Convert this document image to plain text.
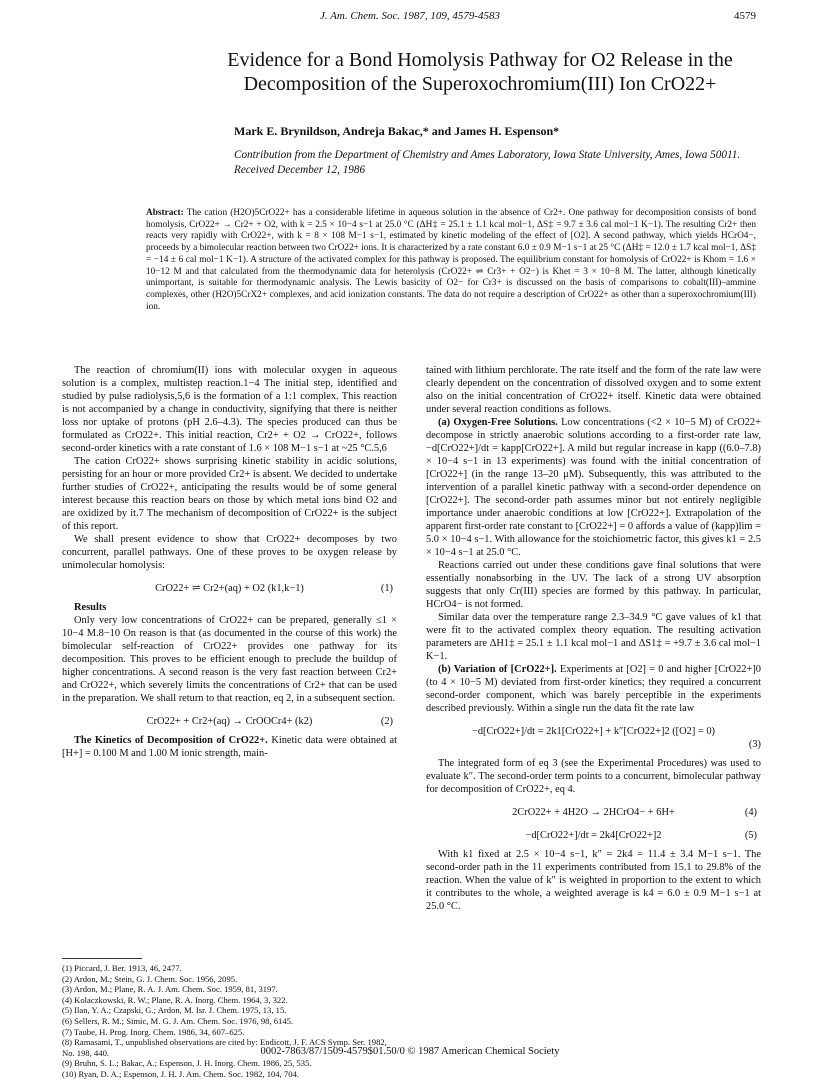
J. Am. Chem. Soc. 1987, 109, 4579-4583	4579
Evidence for a Bond Homolysis Pathway for O2 Release in the Decomposition of the Superoxochromium(III) Ion CrO22+
Mark E. Brynildson, Andreja Bakac,* and James H. Espenson*
Contribution from the Department of Chemistry and Ames Laboratory, Iowa State University, Ames, Iowa 50011. Received December 12, 1986
Abstract: The cation (H2O)5CrO22+ has a considerable lifetime in aqueous solution in the absence of Cr2+. One pathway for decomposition consists of bond homolysis, CrO22+ → Cr2+ + O2, with k = 2.5 × 10−4 s−1 at 25.0 °C (ΔH‡ = 25.1 ± 1.1 kcal mol−1, ΔS‡ = 9.7 ± 3.6 cal mol−1 K−1). The resulting Cr2+ then reacts very rapidly with CrO22+, with k = 8 × 108 M−1 s−1, estimated by kinetic modeling of the effect of [O2]. A second pathway, which yields HCrO4−, proceeds by a bimolecular reaction between two CrO22+ ions. It is characterized by a rate constant 6.0 ± 0.9 M−1 s−1 at 25 °C (ΔH‡ = 12.0 ± 1.7 kcal mol−1, ΔS‡ = −14 ± 6 cal mol−1 K−1). A structure of the activated complex for this pathway is proposed. The equilibrium constant for homolysis of CrO22+ is Khom = 1.6 × 10−12 M and that calculated from the thermodynamic data for heterolysis (CrO22+ ⇌ Cr3+ + O2−) is Khet = 3 × 10−8 M. The latter, although kinetically unimportant, is suitable for thermodynamic analysis. The Lewis basicity of O2− for Cr3+ is discussed on the basis of comparisons to cobalt(III)–ammine complexes, other (H2O)5CrX2+ complexes, and acid ionization constants. The data do not require a description of CrO22+ as other than a superoxochromium(III) ion.

The reaction of chromium(II) ions with molecular oxygen in aqueous solution is a complex, multistep reaction.1−4 The initial step, identified and studied by pulse radiolysis,5,6 is the formation of a 1:1 complex. This reaction is not accompanied by a change in conductivity, signifying that there is neither loss nor uptake of protons (pH 2.6–4.3). The species produced can thus be formulated as CrO22+. This initial reaction, Cr2+ + O2 → CrO22+, follows second-order kinetics with a rate constant of 1.6 × 108 M−1 s−1 at ~25 °C.5,6

The cation CrO22+ shows surprising kinetic stability in acidic solutions, persisting for an hour or more provided Cr2+ is absent. We decided to undertake further studies of CrO22+, anticipating the results would be of some general interest because this reaction bears on those by which metal ions bind O2 and are oxidized by it.7 The mechanism of decomposition of CrO22+ is the subject of this report.

We shall present evidence to show that CrO22+ decomposes by two concurrent, parallel pathways. One of these proves to be oxygen release by unimolecular homolysis:

CrO22+ ⇌ Cr2+(aq) + O2 (k1,k−1)	(1)

Results

Only very low concentrations of CrO22+ can be prepared, generally ≤1 × 10−4 M.8−10 On reason is that (as documented in the course of this work) the bimolecular self-reaction of CrO22+ provides one pathway for its decomposition. This proves to be efficient enough to preclude the buildup of higher concentrations. A second reason is the very fast reaction between Cr2+ and CrO22+, which severely limits the concentrations of Cr2+ that can be used in the preparation. We shall return to that reaction, eq 2, in a subsequent section.

CrO22+ + Cr2+(aq) → CrOOCr4+ (k2)	(2)

The Kinetics of Decomposition of CrO22+. Kinetic data were obtained at [H+] = 0.100 M and 1.00 M ionic strength, main-

(1) Piccard, J. Ber. 1913, 46, 2477.
(2) Ardon, M.; Stein, G. J. Chem. Soc. 1956, 2095.
(3) Ardon, M.; Plane, R. A. J. Am. Chem. Soc. 1959, 81, 3197.
(4) Kolaczkowski, R. W.; Plane, R. A. Inorg. Chem. 1964, 3, 322.
(5) Ilan, Y. A.; Czapski, G.; Ardon, M. Isr. J. Chem. 1975, 13, 15.
(6) Sellers, R. M.; Simic, M. G. J. Am. Chem. Soc. 1976, 98, 6145.
(7) Taube, H. Prog. Inorg. Chem. 1986, 34, 607–625.
(8) Ramasami, T., unpublished observations are cited by: Endicott, J. F. ACS Symp. Ser. 1982, No. 198, 440.
(9) Bruhn, S. L.; Bakac, A.; Espenson, J. H. Inorg. Chem. 1986, 25, 535.
(10) Ryan, D. A.; Espenson, J. H. J. Am. Chem. Soc. 1982, 104, 704.

tained with lithium perchlorate. The rate itself and the form of the rate law were clearly dependent on the concentration of dissolved oxygen and to some extent also on the initial concentration of CrO22+ itself. Kinetic data were obtained under several reaction conditions as follows.

(a) Oxygen-Free Solutions. Low concentrations (<2 × 10−5 M) of CrO22+ decompose in strictly anaerobic solutions according to a first-order rate law, −d[CrO22+]/dt = kapp[CrO22+]. A mild but regular increase in kapp ((6.0–7.8) × 10−4 s−1 in 13 experiments) was found with the initial concentration of [CrO22+] (in the range 13–20 μM). Subsequently, this was attributed to the intervention of a parallel kinetic pathway with a second-order dependence on [CrO22+]. The second-order path assumes minor but not entirely negligible importance under anaerobic conditions at low [CrO22+]. Extrapolation of the apparent first-order rate constant to [CrO22+] = 0 affords a value of (kapp)lim = 5.0 × 10−4 s−1. With allowance for the stoichiometric factor, this gives k1 = 2.5 × 10−4 s−1 at 25.0 °C.

Reactions carried out under these conditions gave final solutions that were essentially nonabsorbing in the UV. The lack of a strong UV absorption suggests that only Cr(III) species are formed by this pathway. In particular, HCrO4− is not formed.

Similar data over the temperature range 2.3–34.9 °C gave values of k1 that were fit to the activated complex theory equation. The resulting activation parameters are ΔH1‡ = 25.1 ± 1.1 kcal mol−1 and ΔS1‡ = +9.7 ± 3.6 cal mol−1 K−1.

(b) Variation of [CrO22+]. Experiments at [O2] = 0 and higher [CrO22+]0 (to 4 × 10−5 M) deviated from first-order kinetics; they required a concurrent second-order component, which was barely perceptible in the experiments described previously. Within a single run the data fit the rate law

−d[CrO22+]/dt = 2k1[CrO22+] + k″[CrO22+]2 ([O2] = 0)
(3)

The integrated form of eq 3 (see the Experimental Procedures) was used to evaluate k″. The second-order term points to a concurrent, bimolecular pathway for decomposition of CrO22+, eq 4.

2CrO22+ + 4H2O → 2HCrO4− + 6H+	(4)
−d[CrO22+]/dt = 2k4[CrO22+]2	(5)

With k1 fixed at 2.5 × 10−4 s−1, k″ = 2k4 = 11.4 ± 3.4 M−1 s−1. The second-order path in the 11 experiments contributed from 15.1 to 29.8% of the reaction. When the value of k″ is weighted in proportion to the extent to which it contributes to the whole, a weighted average is k4 = 6.0 ± 0.9 M−1 s−1 at 25.0 °C.

0002-7863/87/1509-4579$01.50/0 © 1987 American Chemical Society
